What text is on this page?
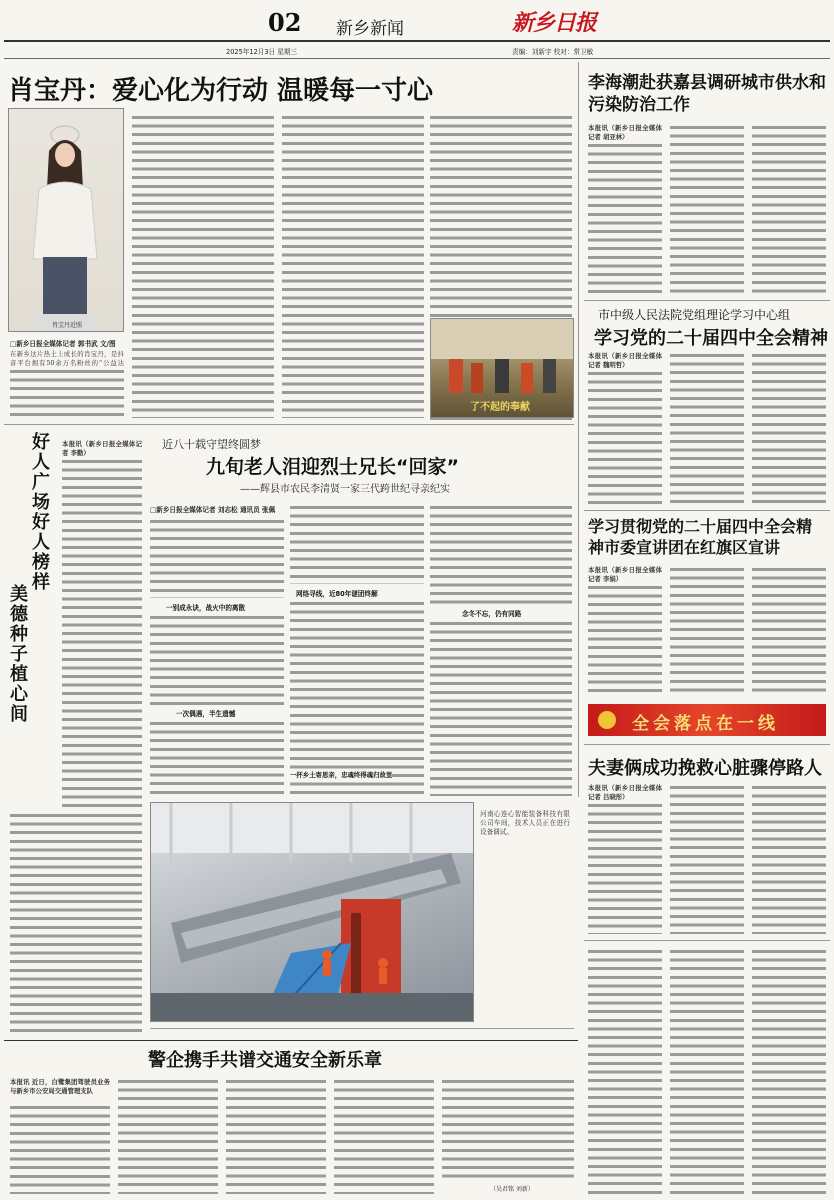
02 新乡新闻	新乡日报
2025年12月3日 星期三	责编：刘新宇 校对：常卫敏
肖宝丹：爱心化为行动 温暖每一寸心
肖宝丹近照
□新乡日报全媒体记者 郭书武 文/图
在新乡这片热土上成长的肖宝丹，是抖音平台拥有50余万名粉丝的“公益达
了不起的奉献
李海潮赴获嘉县调研城市供水和污染防治工作
本报讯（新乡日报全媒体记者 胡亚林）
市中级人民法院党组理论学习中心组
学习党的二十届四中全会精神
本报讯（新乡日报全媒体记者 魏明哲）
学习贯彻党的二十届四中全会精神市委宣讲团在红旗区宣讲
本报讯（新乡日报全媒体记者 李娟）
全会落点在一线
夫妻俩成功挽救心脏骤停路人
本报讯（新乡日报全媒体记者 吕晓彤）
好人广场好人榜样
美德种子植心间
本报讯（新乡日报全媒体记者 李勤）
近八十载守望终圆梦
九旬老人泪迎烈士兄长“回家”
——辉县市农民李清贤一家三代跨世纪寻亲纪实
□新乡日报全媒体记者 刘志松 通讯员 张佩
一别成永诀，战火中的离散
一次偶遇，半生遗憾
网络寻线，近80年谜团终解
一抔乡土寄思亲，忠魂终得魂归故里
念冬不忘，仍有同路
河南心连心智能装备科技有限公司车间，技术人员正在进行设备调试。
警企携手共谱交通安全新乐章
本报讯 近日，白鹭集团驾驶员业务与新乡市公安局交通管理支队
（吴君铭 刘新）
